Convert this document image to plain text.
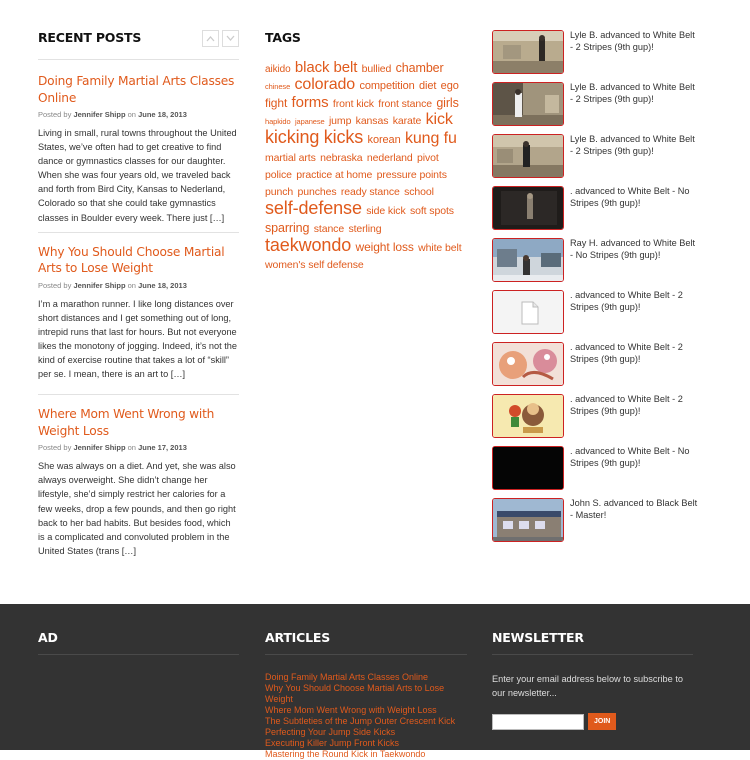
RECENT POSTS
Doing Family Martial Arts Classes Online
Posted by Jennifer Shipp on June 18, 2013
Living in small, rural towns throughout the United States, we’ve often had to get creative to find dance or gymnastics classes for our daughter. When she was four years old, we traveled back and forth from Bird City, Kansas to Nederland, Colorado so that she could take gymnastics classes in Boulder every week. There just […]
Why You Should Choose Martial Arts to Lose Weight
Posted by Jennifer Shipp on June 18, 2013
I’m a marathon runner. I like long distances over short distances and I get something out of long, intrepid runs that last for hours. But not everyone likes the monotony of jogging. Indeed, it’s not the kind of exercise routine that takes a lot of “skill” per se. I mean, there is an art to […]
Where Mom Went Wrong with Weight Loss
Posted by Jennifer Shipp on June 17, 2013
She was always on a diet. And yet, she was also always overweight. She didn’t change her lifestyle, she’d simply restrict her calories for a few weeks, drop a few pounds, and then go right back to her bad habits. But besides food, which is a complicated and convoluted problem in the United States (trans […]
TAGS
aikido black belt bullied chamber chinese colorado competition diet ego fight forms front kick front stance girls hapkido japanese jump kansas karate kick kicking kicks korean kung fu martial arts nebraska nederland pivot police practice at home pressure points punch punches ready stance school self-defense side kick soft spots sparring stance sterling taekwondo weight loss white belt women's self defense
Lyle B. advanced to White Belt - 2 Stripes (9th gup)!
Lyle B. advanced to White Belt - 2 Stripes (9th gup)!
Lyle B. advanced to White Belt - 2 Stripes (9th gup)!
. advanced to White Belt - No Stripes (9th gup)!
Ray H. advanced to White Belt - No Stripes (9th gup)!
. advanced to White Belt - 2 Stripes (9th gup)!
. advanced to White Belt - 2 Stripes (9th gup)!
. advanced to White Belt - 2 Stripes (9th gup)!
. advanced to White Belt - No Stripes (9th gup)!
John S. advanced to Black Belt - Master!
AD	ARTICLES
Doing Family Martial Arts Classes Online
Why You Should Choose Martial Arts to Lose Weight
Where Mom Went Wrong with Weight Loss
The Subtleties of the Jump Outer Crescent Kick
Perfecting Your Jump Side Kicks
Executing Killer Jump Front Kicks
Mastering the Round Kick in Taekwondo
NEWSLETTER
Enter your email address below to subscribe to our newsletter...
JOIN
